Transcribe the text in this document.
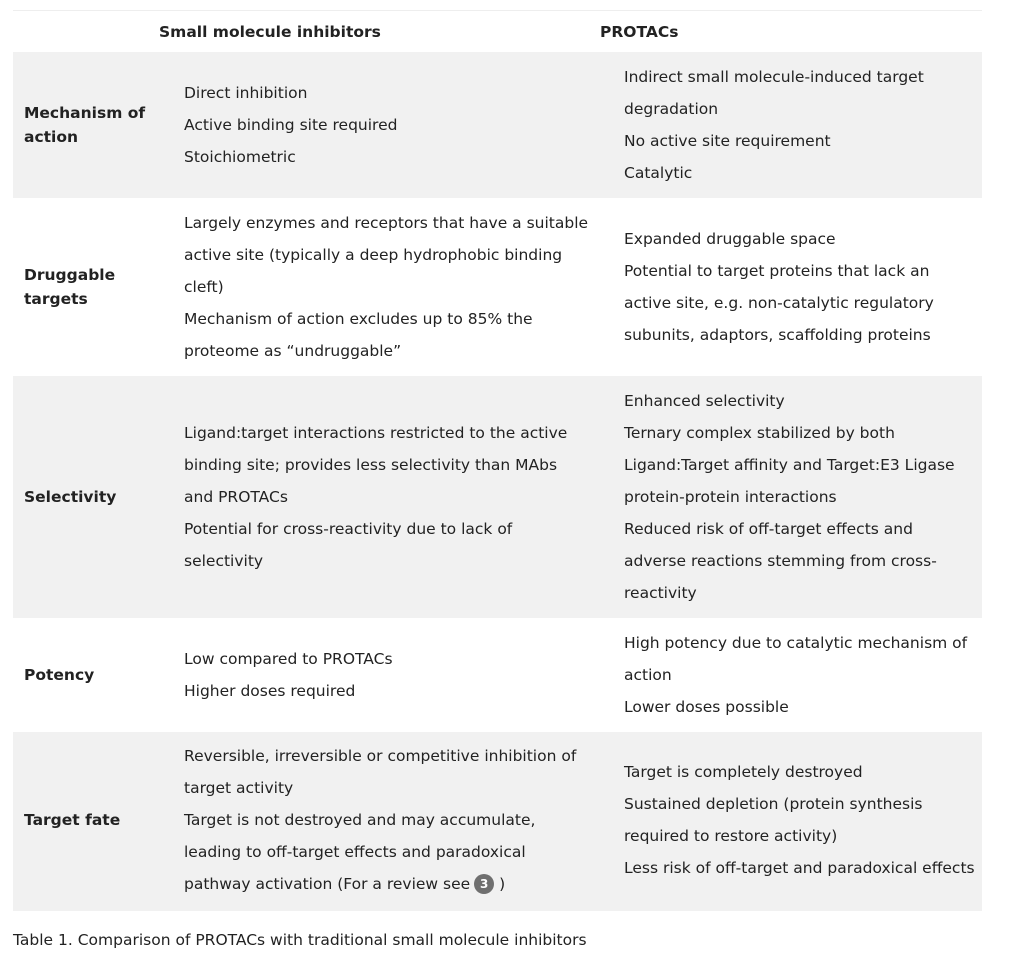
Small molecule inhibitors	PROTACs
Mechanism of
action

Direct inhibition

Active binding site required

Stoichiometric

Indirect small molecule-induced target

degradation

No active site requirement

Catalytic

Druggable
targets

Largely enzymes and receptors that have a suitable

active site (typically a deep hydrophobic binding

cleft)

Mechanism of action excludes up to 85% the

proteome as “undruggable”

Expanded druggable space

Potential to target proteins that lack an

active site, e.g. non-catalytic regulatory

subunits, adaptors, scaffolding proteins

Selectivity

Ligand:target interactions restricted to the active

binding site; provides less selectivity than MAbs

and PROTACs

Potential for cross-reactivity due to lack of

selectivity

Enhanced selectivity

Ternary complex stabilized by both

Ligand:Target affinity and Target:E3 Ligase

protein-protein interactions

Reduced risk of off-target effects and

adverse reactions stemming from cross-

reactivity

Potency

Low compared to PROTACs

Higher doses required

High potency due to catalytic mechanism of

action

Lower doses possible

Target fate

Reversible, irreversible or competitive inhibition of

target activity

Target is not destroyed and may accumulate,

leading to off-target effects and paradoxical

pathway activation (For a review see 3 )

Target is completely destroyed

Sustained depletion (protein synthesis

required to restore activity)

Less risk of off-target and paradoxical effects

Table 1. Comparison of PROTACs with traditional small molecule inhibitors
